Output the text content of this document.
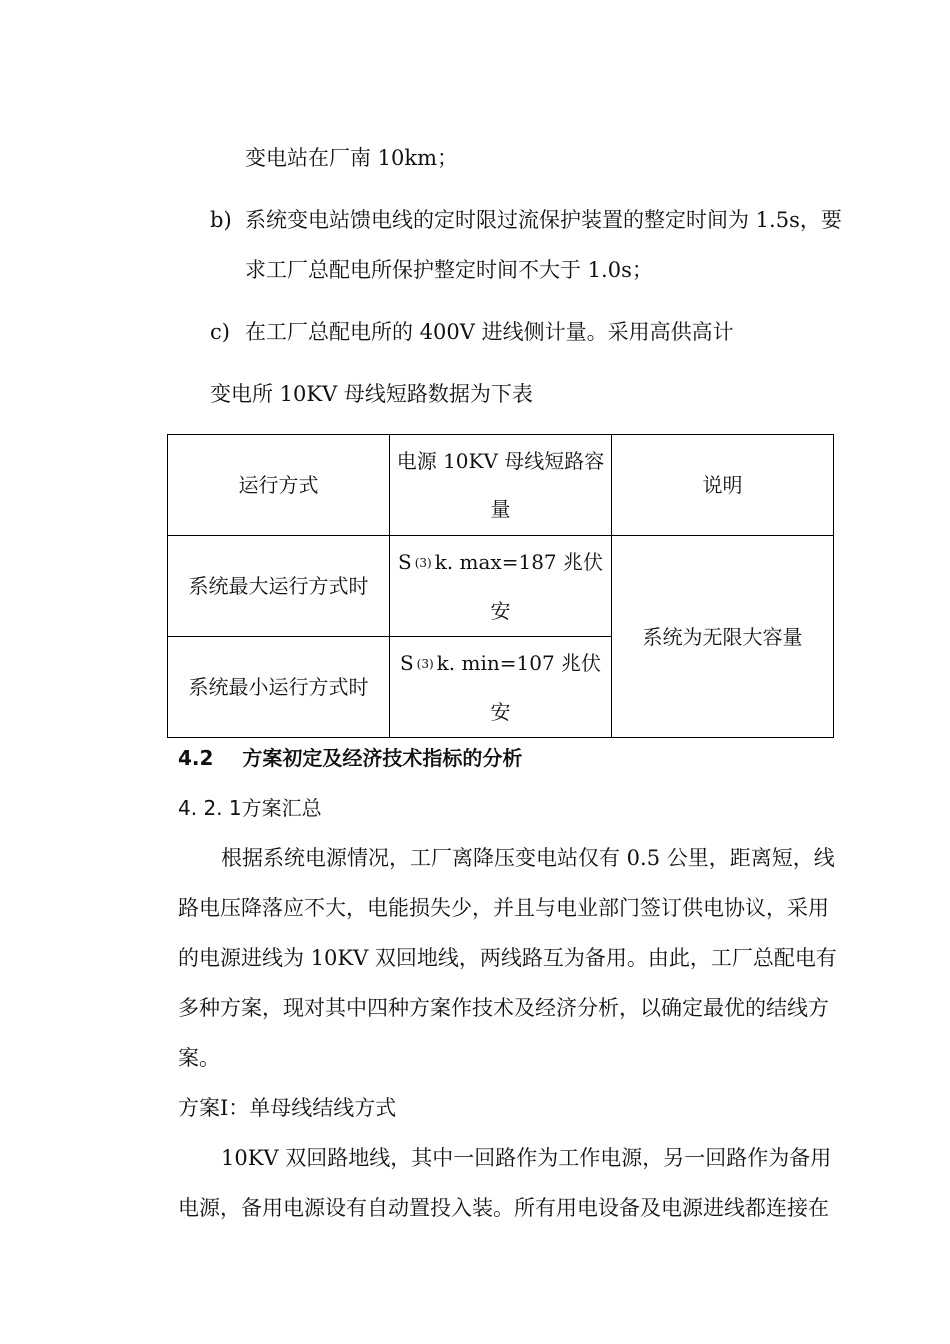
变电站在厂南 10km；
b) 系统变电站馈电线的定时限过流保护装置的整定时间为 1.5s，要
求工厂总配电所保护整定时间不大于 1.0s；
c) 在工厂总配电所的 400V 进线侧计量。采用高供高计
变电所 10KV 母线短路数据为下表
运行方式	电源 10KV 母线短路容量	说明
系统最大运行方式时	S (3) k. max=187 兆伏安	系统为无限大容量
系统最小运行方式时	S (3) k. min=107 兆伏安	
4.2 方案初定及经济技术指标的分析
4. 2. 1方案汇总
根据系统电源情况，工厂离降压变电站仅有 0.5 公里，距离短，线
路电压降落应不大，电能损失少，并且与电业部门签订供电协议，采用
的电源进线为 10KV 双回地线，两线路互为备用。由此，工厂总配电有
多种方案，现对其中四种方案作技术及经济分析，以确定最优的结线方
案。
方案Ⅰ：单母线结线方式
10KV 双回路地线，其中一回路作为工作电源，另一回路作为备用
电源，备用电源设有自动置投入装。所有用电设备及电源进线都连接在
